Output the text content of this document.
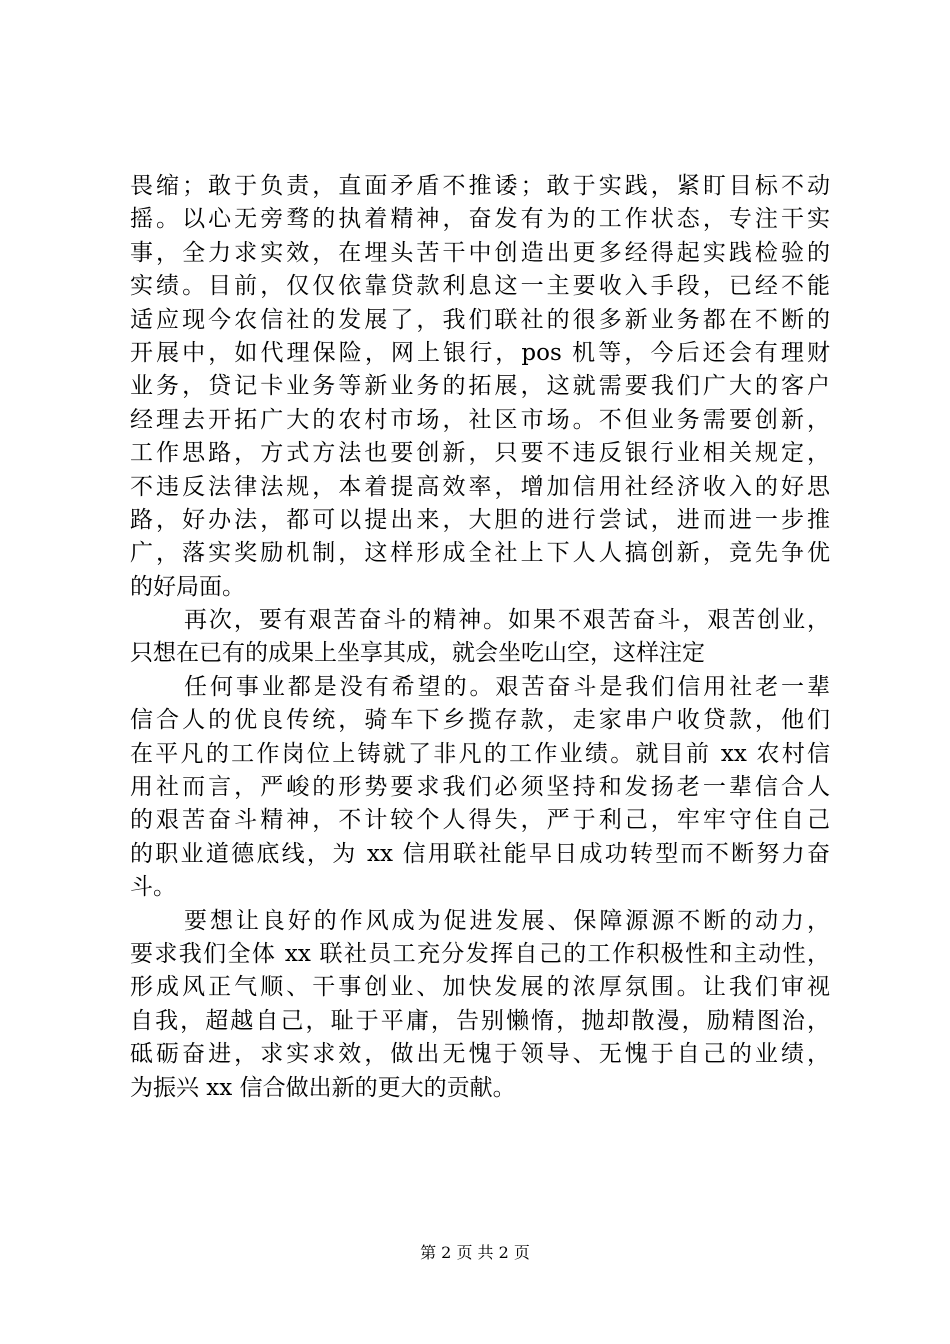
畏缩；敢于负责，直面矛盾不推诿；敢于实践，紧盯目标不动
摇。以心无旁骛的执着精神，奋发有为的工作状态，专注干实
事，全力求实效，在埋头苦干中创造出更多经得起实践检验的
实绩。目前，仅仅依靠贷款利息这一主要收入手段，已经不能
适应现今农信社的发展了，我们联社的很多新业务都在不断的
开展中，如代理保险，网上银行，pos 机等，今后还会有理财
业务，贷记卡业务等新业务的拓展，这就需要我们广大的客户
经理去开拓广大的农村市场，社区市场。不但业务需要创新，
工作思路，方式方法也要创新，只要不违反银行业相关规定，
不违反法律法规，本着提高效率，增加信用社经济收入的好思
路，好办法，都可以提出来，大胆的进行尝试，进而进一步推
广，落实奖励机制，这样形成全社上下人人搞创新，竞先争优
的好局面。
再次，要有艰苦奋斗的精神。如果不艰苦奋斗，艰苦创业，
只想在已有的成果上坐享其成，就会坐吃山空，这样注定
任何事业都是没有希望的。艰苦奋斗是我们信用社老一辈
信合人的优良传统，骑车下乡揽存款，走家串户收贷款，他们
在平凡的工作岗位上铸就了非凡的工作业绩。就目前 xx 农村信
用社而言，严峻的形势要求我们必须坚持和发扬老一辈信合人
的艰苦奋斗精神，不计较个人得失，严于利己，牢牢守住自己
的职业道德底线，为 xx 信用联社能早日成功转型而不断努力奋
斗。
要想让良好的作风成为促进发展、保障源源不断的动力，
要求我们全体 xx 联社员工充分发挥自己的工作积极性和主动性，
形成风正气顺、干事创业、加快发展的浓厚氛围。让我们审视
自我，超越自己，耻于平庸，告别懒惰，抛却散漫，励精图治，
砥砺奋进，求实求效，做出无愧于领导、无愧于自己的业绩，
为振兴 xx 信合做出新的更大的贡献。
第 2 页 共 2 页
